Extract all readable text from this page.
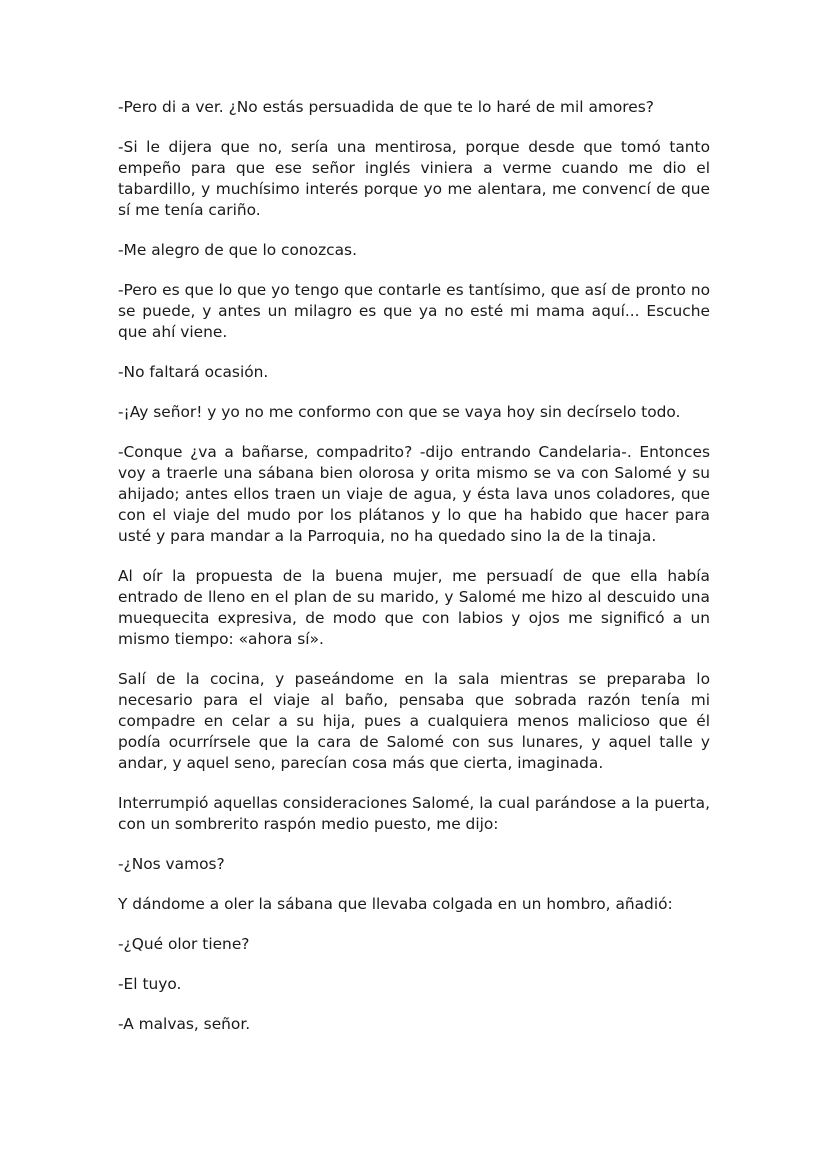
-Pero di a ver. ¿No estás persuadida de que te lo haré de mil amores?

-Si le dijera que no, sería una mentirosa, porque desde que tomó tanto empeño para que ese señor inglés viniera a verme cuando me dio el tabardillo, y muchísimo interés porque yo me alentara, me convencí de que sí me tenía cariño.

-Me alegro de que lo conozcas.

-Pero es que lo que yo tengo que contarle es tantísimo, que así de pronto no se puede, y antes un milagro es que ya no esté mi mama aquí... Escuche que ahí viene.

-No faltará ocasión.

-¡Ay señor! y yo no me conformo con que se vaya hoy sin decírselo todo.

-Conque ¿va a bañarse, compadrito? -dijo entrando Candelaria-. Entonces voy a traerle una sábana bien olorosa y orita mismo se va con Salomé y su ahijado; antes ellos traen un viaje de agua, y ésta lava unos coladores, que con el viaje del mudo por los plátanos y lo que ha habido que hacer para usté y para mandar a la Parroquia, no ha quedado sino la de la tinaja.

Al oír la propuesta de la buena mujer, me persuadí de que ella había entrado de lleno en el plan de su marido, y Salomé me hizo al descuido una muequecita expresiva, de modo que con labios y ojos me significó a un mismo tiempo: «ahora sí».

Salí de la cocina, y paseándome en la sala mientras se preparaba lo necesario para el viaje al baño, pensaba que sobrada razón tenía mi compadre en celar a su hija, pues a cualquiera menos malicioso que él podía ocurrírsele que la cara de Salomé con sus lunares, y aquel talle y andar, y aquel seno, parecían cosa más que cierta, imaginada.

Interrumpió aquellas consideraciones Salomé, la cual parándose a la puerta, con un sombrerito raspón medio puesto, me dijo:

-¿Nos vamos?

Y dándome a oler la sábana que llevaba colgada en un hombro, añadió:

-¿Qué olor tiene?

-El tuyo.

-A malvas, señor.
